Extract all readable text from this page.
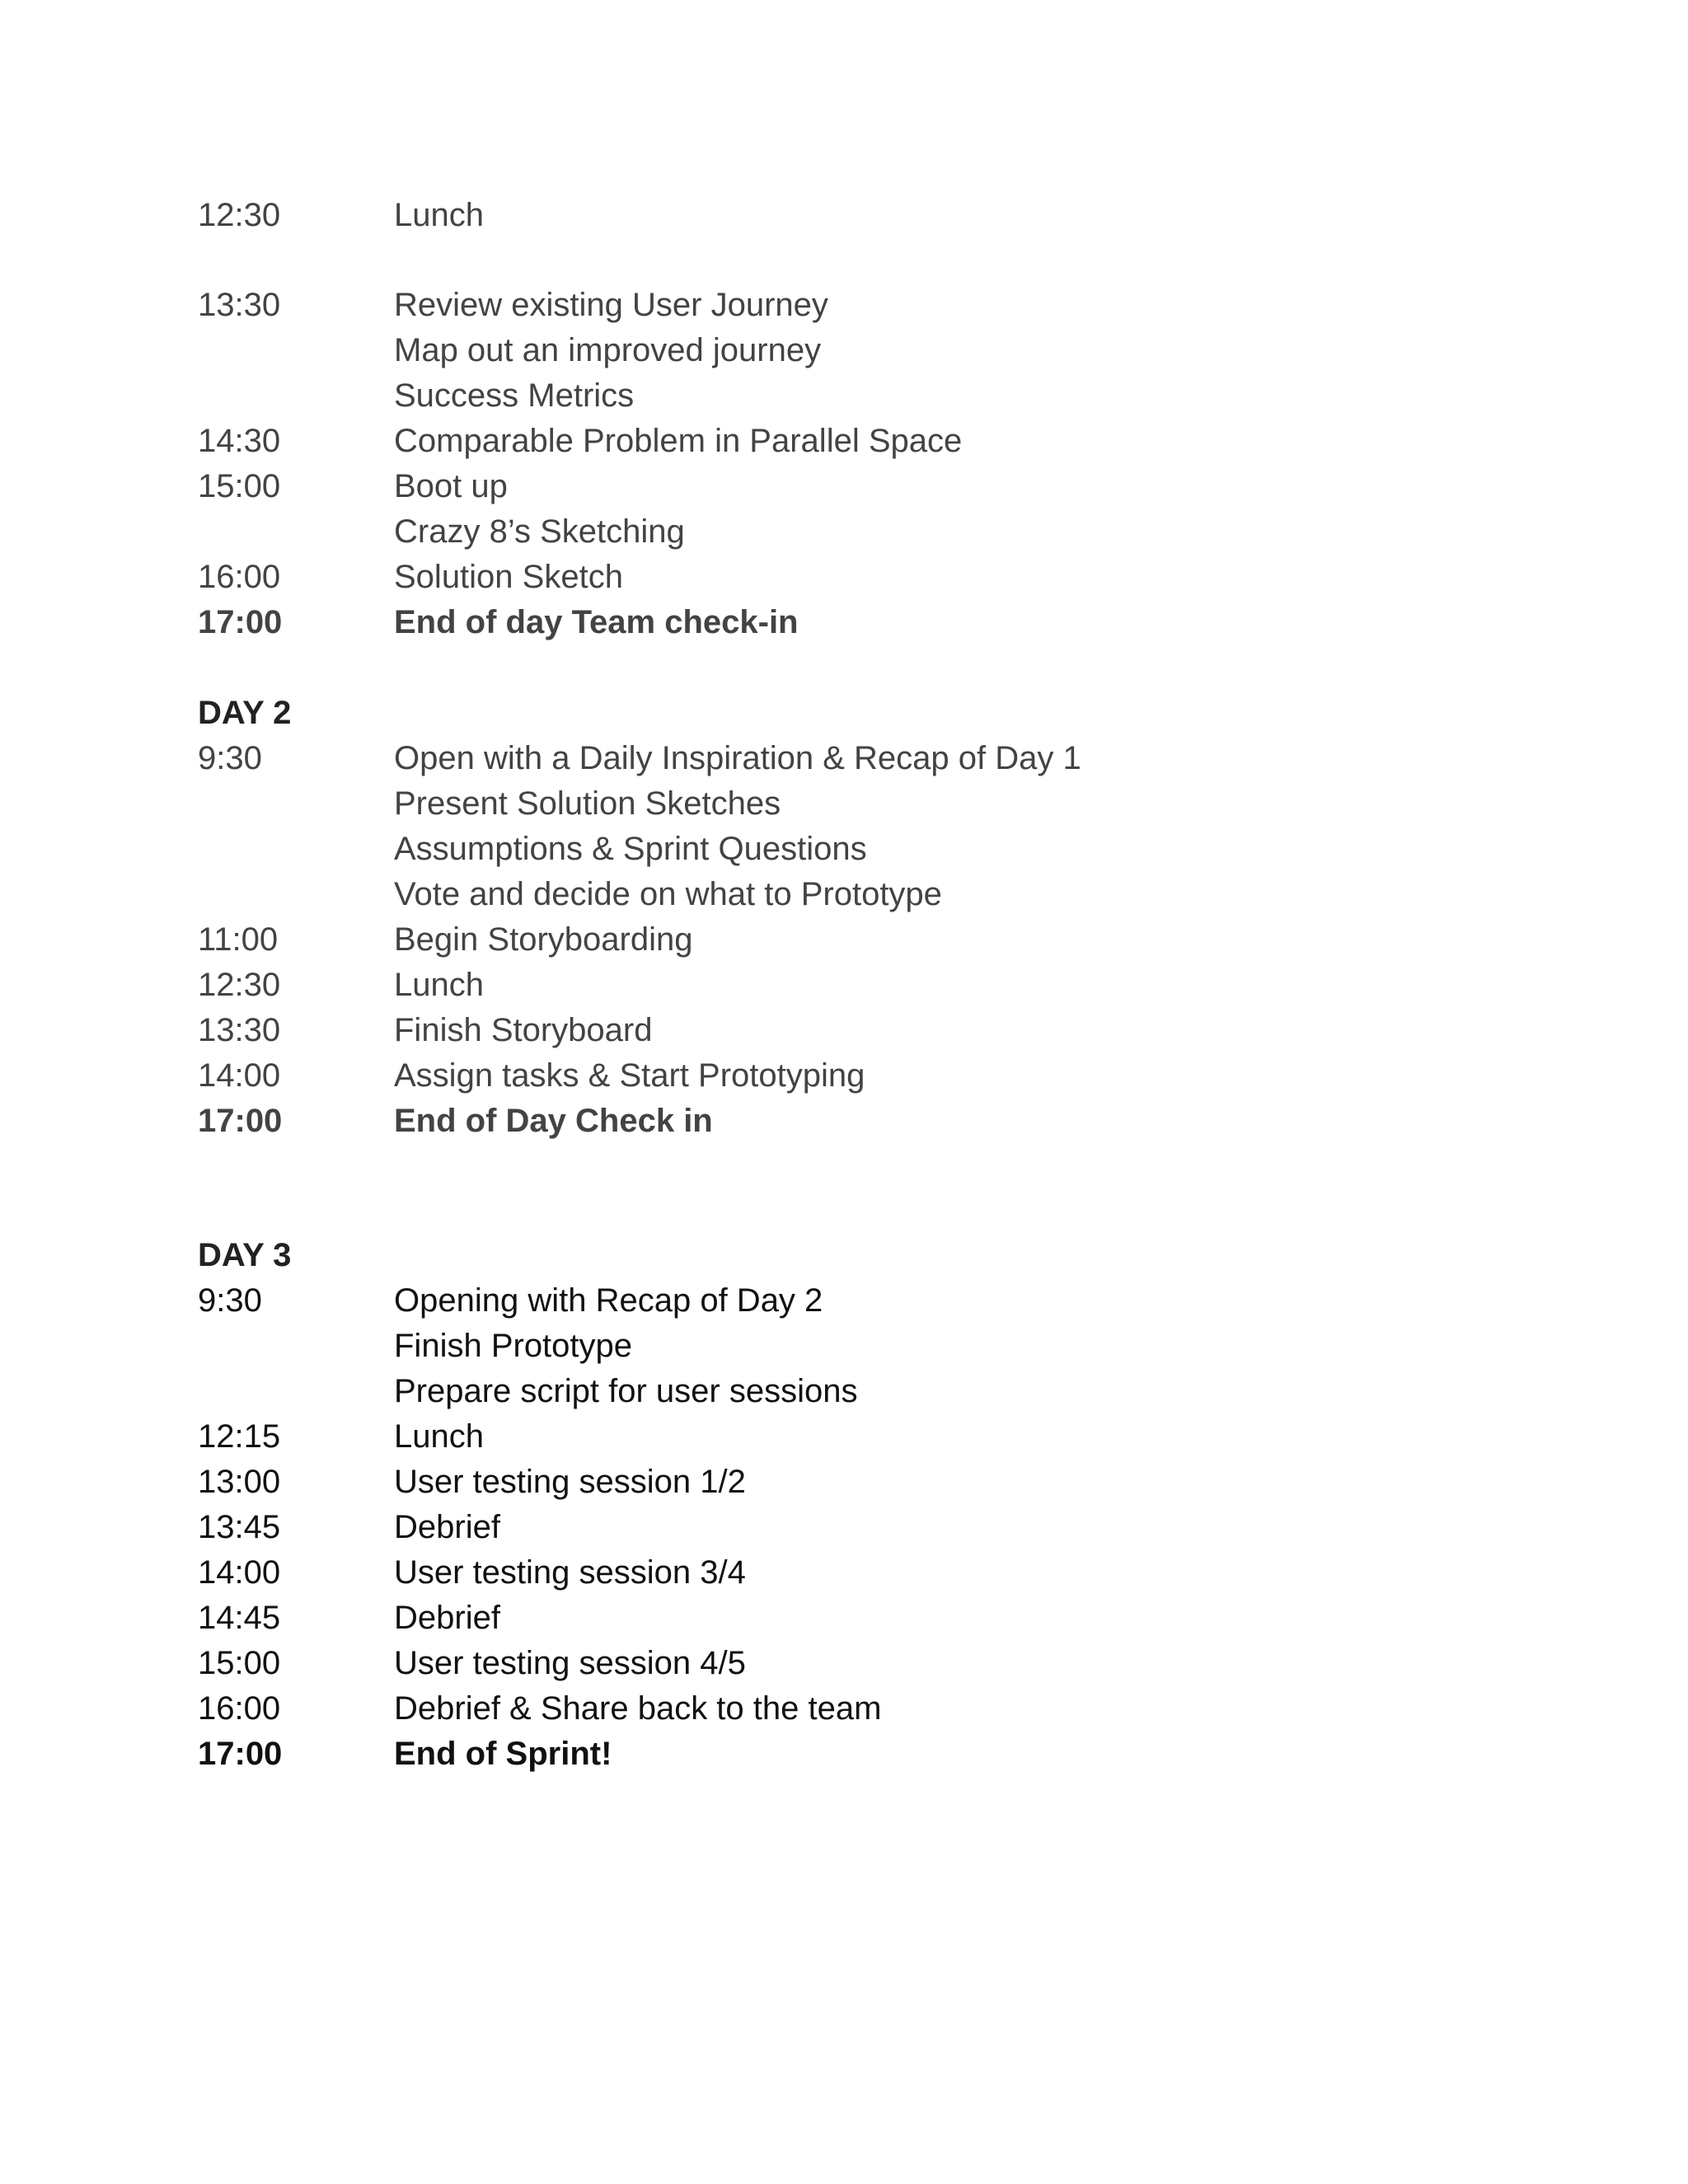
12:30	Lunch
13:30	Review existing User Journey
Map out an improved journey
Success Metrics
14:30	Comparable Problem in Parallel Space
15:00	Boot up
Crazy 8’s Sketching
16:00	Solution Sketch
17:00	End of day Team check-in
DAY 2
9:30	Open with a Daily Inspiration & Recap of Day 1
Present Solution Sketches
Assumptions & Sprint Questions
Vote and decide on what to Prototype
11:00	Begin Storyboarding
12:30	Lunch
13:30	Finish Storyboard
14:00	Assign tasks & Start Prototyping
17:00	End of Day Check in
DAY 3
9:30	Opening with Recap of Day 2
Finish Prototype
Prepare script for user sessions
12:15	Lunch
13:00	User testing session 1/2
13:45	Debrief
14:00	User testing session 3/4
14:45	Debrief
15:00	User testing session 4/5
16:00	Debrief & Share back to the team
17:00	End of Sprint!
